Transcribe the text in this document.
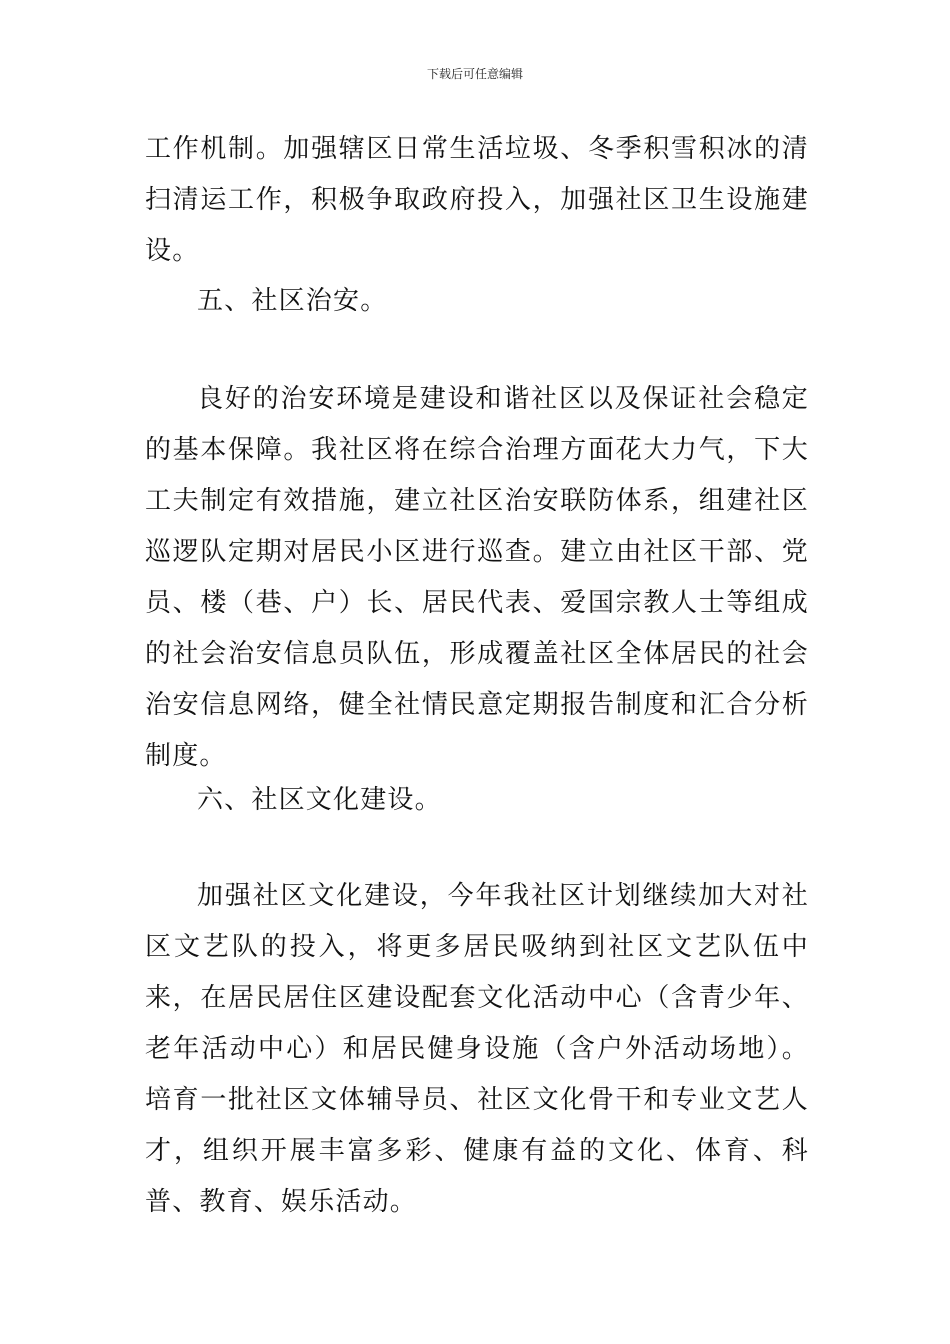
下载后可任意编辑

工作机制。加强辖区日常生活垃圾、冬季积雪积冰的清扫清运工作，积极争取政府投入，加强社区卫生设施建设。

五、社区治安。

良好的治安环境是建设和谐社区以及保证社会稳定的基本保障。我社区将在综合治理方面花大力气，下大工夫制定有效措施，建立社区治安联防体系，组建社区巡逻队定期对居民小区进行巡查。建立由社区干部、党员、楼（巷、户）长、居民代表、爱国宗教人士等组成的社会治安信息员队伍，形成覆盖社区全体居民的社会治安信息网络，健全社情民意定期报告制度和汇合分析制度。

六、社区文化建设。

加强社区文化建设，今年我社区计划继续加大对社区文艺队的投入，将更多居民吸纳到社区文艺队伍中来，在居民居住区建设配套文化活动中心（含青少年、老年活动中心）和居民健身设施（含户外活动场地）。培育一批社区文体辅导员、社区文化骨干和专业文艺人才，组织开展丰富多彩、健康有益的文化、体育、科普、教育、娱乐活动。
